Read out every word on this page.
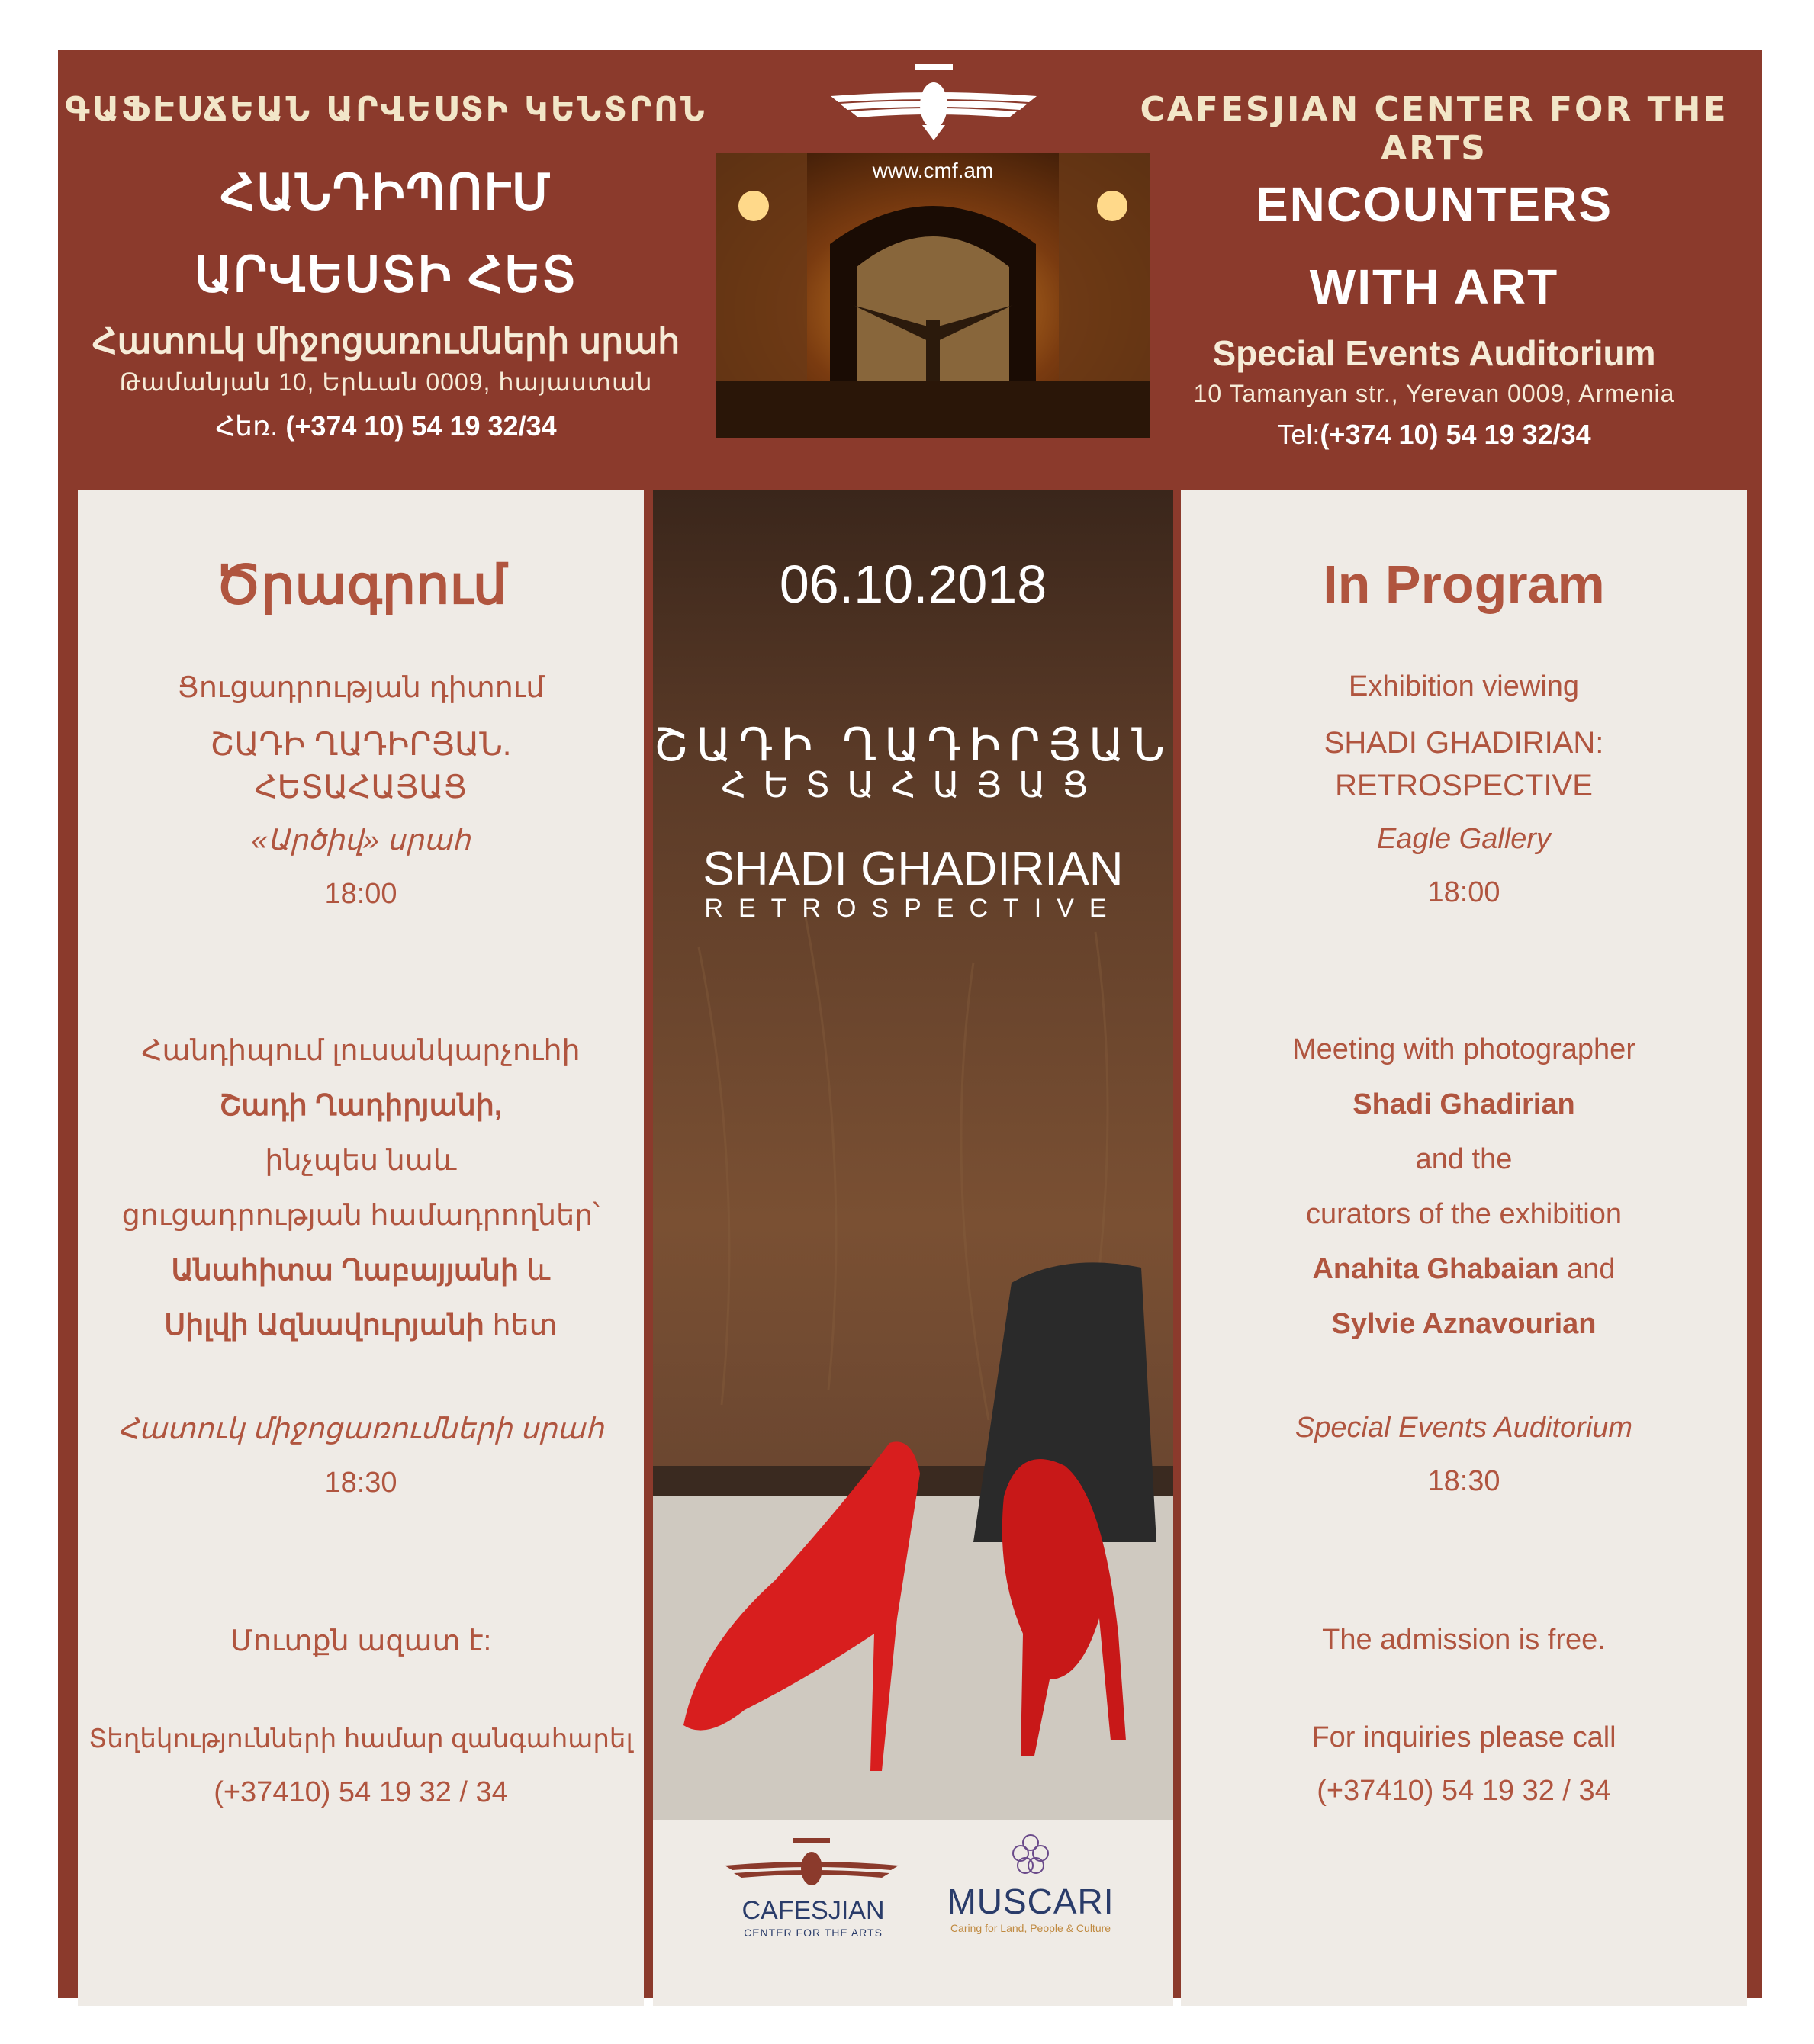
ԳԱՖԷՍՃԵԱՆ ԱՐՎԵՍՏԻ ԿԵՆՏՐՈՆ
ՀԱՆԴԻՊՈՒՄ
ԱՐՎԵՍՏԻ ՀԵՏ
Հատուկ միջոցառումների սրահ
Թամանյան 10, Երևան 0009, հայաստան
Հեռ. (+374 10) 54 19 32/34
www.cmf.am
CAFESJIAN CENTER FOR THE ARTS
ENCOUNTERS
WITH ART
Special Events Auditorium
10 Tamanyan str., Yerevan 0009, Armenia
Tel:(+374 10) 54 19 32/34
Ծրագրում
Ցուցադրության դիտում
ՇԱԴԻ ՂԱԴԻՐՅԱՆ.
ՀԵՏԱՀԱՅԱՑ
«Արծիվ» սրահ
18:00
Հանդիպում լուսանկարչուհի
Շադի Ղադիրյանի,
ինչպես նաև
ցուցադրության համադրողներ՝
Անահիտա Ղաբայյանի և
Սիլվի Ազնավուրյանի հետ
Հատուկ միջոցառումների սրահ
18:30
Մուտքն ազատ է:
Տեղեկությունների համար զանգահարել
(+37410) 54 19 32 / 34
06.10.2018
ՇԱԴԻ ՂԱԴԻՐՅԱՆ
ՀԵՏԱՀԱՅԱՑ
SHADI GHADIRIAN
RETROSPECTIVE
CAFESJIAN
CENTER FOR THE ARTS
MUSCARI
Caring for Land, People & Culture
In Program
Exhibition viewing
SHADI GHADIRIAN:
RETROSPECTIVE
Eagle Gallery
18:00
Meeting with photographer
Shadi Ghadirian
and the
curators of the exhibition
Anahita Ghabaian and
Sylvie Aznavourian
Special Events Auditorium
18:30
The admission is free.
For inquiries please call
(+37410) 54 19 32 / 34
